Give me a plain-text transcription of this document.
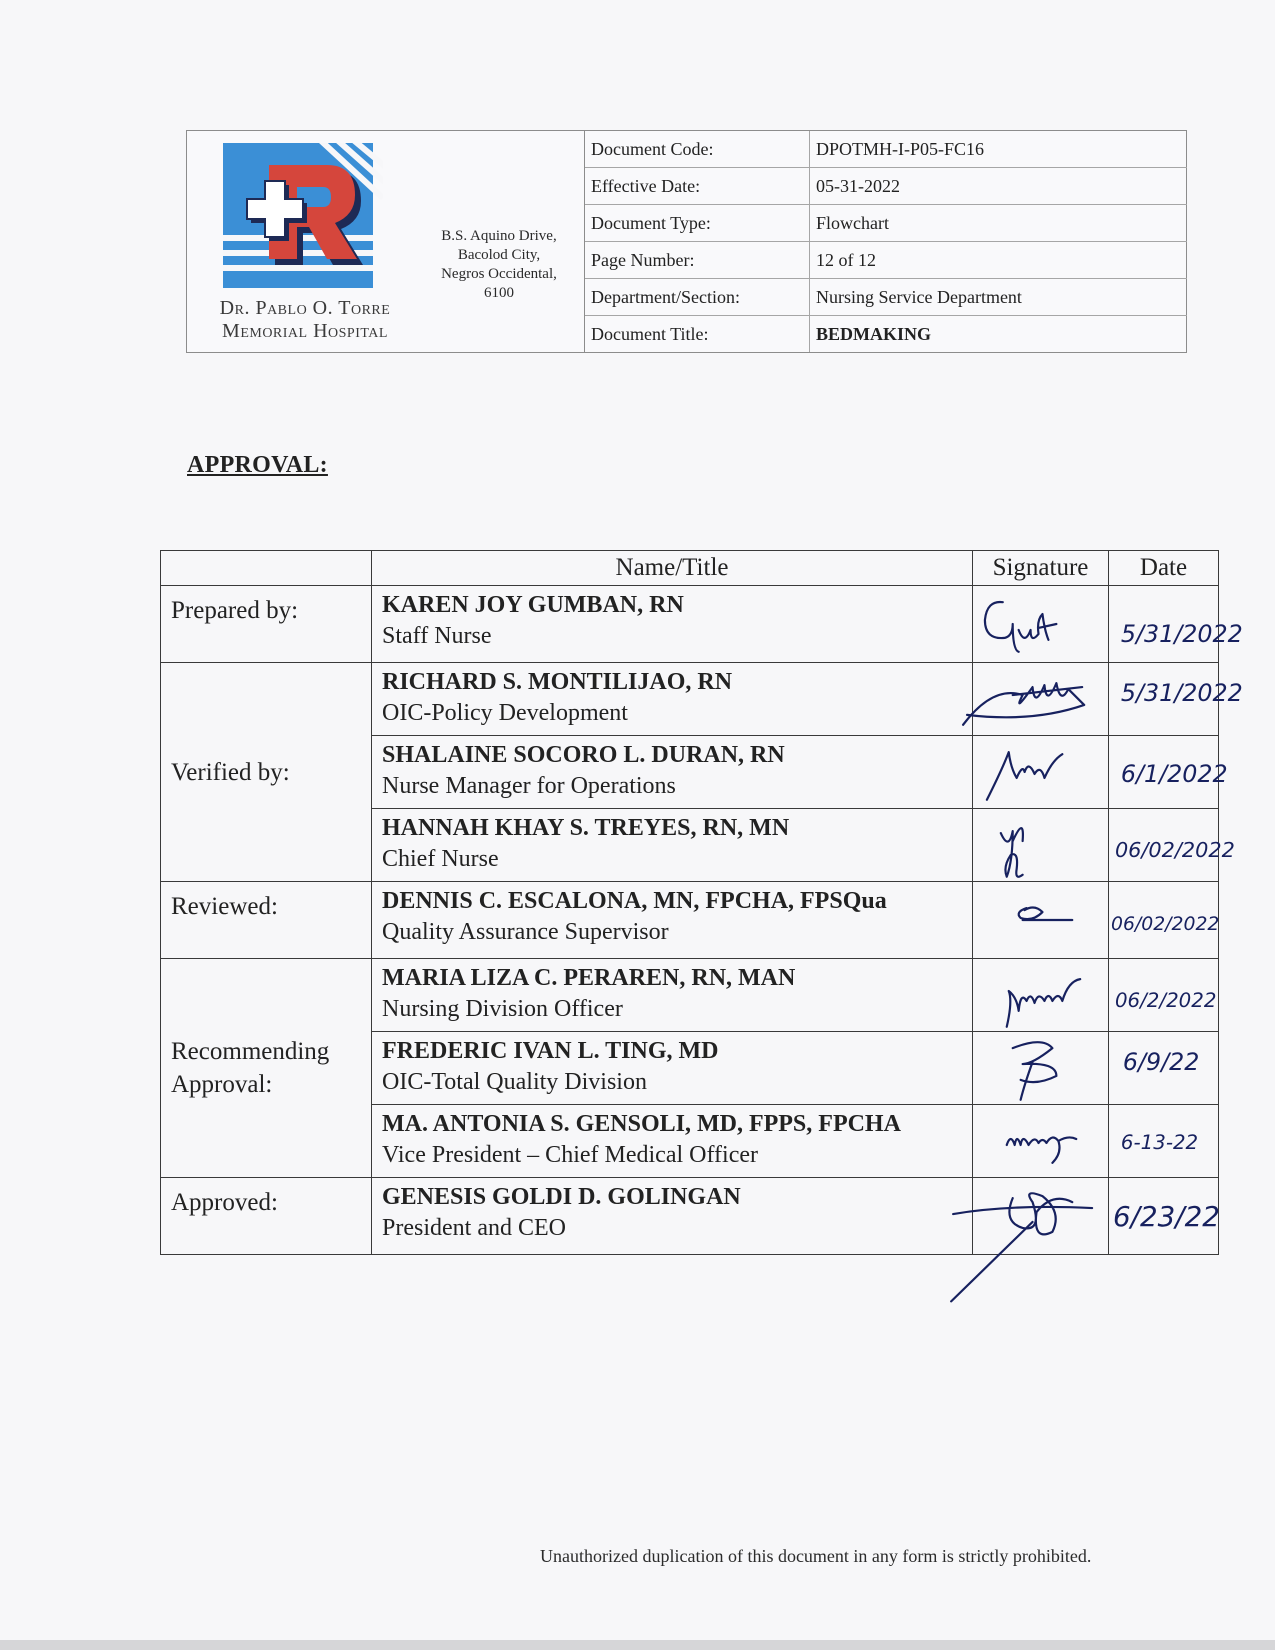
Dr. Pablo O. Torre
Memorial Hospital
B.S. Aquino Drive,
Bacolod City,
Negros Occidental,
6100
Document Code:	DPOTMH-I-P05-FC16
Effective Date:	05-31-2022
Document Type:	Flowchart
Page Number:	12 of 12
Department/Section:	Nursing Service Department
Document Title:	BEDMAKING
APPROVAL:
	Name/Title	Signature	Date
Prepared by:	KAREN JOY GUMBAN, RN
Staff Nurse		5/31/2022

Verified by:	RICHARD S. MONTILIJAO, RN
OIC-Policy Development		5/31/2022

	SHALAINE SOCORO L. DURAN, RN
Nurse Manager for Operations		6/1/2022

	HANNAH KHAY S. TREYES, RN, MN
Chief Nurse		06/02/2022

Reviewed:	DENNIS C. ESCALONA, MN, FPCHA, FPSQua
Quality Assurance Supervisor		06/02/2022

Recommending Approval:	MARIA LIZA C. PERAREN, RN, MAN
Nursing Division Officer		06/2/2022

	FREDERIC IVAN L. TING, MD
OIC-Total Quality Division		6/9/22

	MA. ANTONIA S. GENSOLI, MD, FPPS, FPCHA
Vice President – Chief Medical Officer		6-13-22

Approved:	GENESIS GOLDI D. GOLINGAN
President and CEO		6/23/22
Unauthorized duplication of this document in any form is strictly prohibited.
